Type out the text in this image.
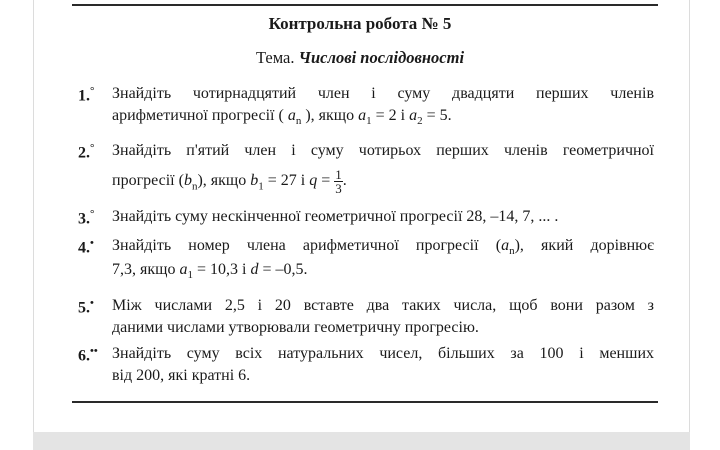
Контрольна робота № 5
Тема. Числові послідовності
1.° Знайдіть чотирнадцятий член і суму двадцяти перших членів
арифметичної прогресії ( $a_n$ ), якщо $a_1 = 2$ і $a_2 = 5$.
2.° Знайдіть п'ятий член і суму чотирьох перших членів геометричної
прогресії $(b_n)$, якщо $b_1 = 27$ і $q = \frac{1}{3}$ .
3.° Знайдіть суму нескінченної геометричної прогресії 28, –14, 7, ... .
4.• Знайдіть номер члена арифметичної прогресії $(a_n)$, який дорівнює
7,3, якщо $a_1 = 10,3$ і d = –0,5.
5.• Між числами 2,5 і 20 вставте два таких числа, щоб вони разом з
даними числами утворювали геометричну прогресію.
6.•• Знайдіть суму всіх натуральних чисел, більших за 100 і менших
від 200, які кратні 6.
